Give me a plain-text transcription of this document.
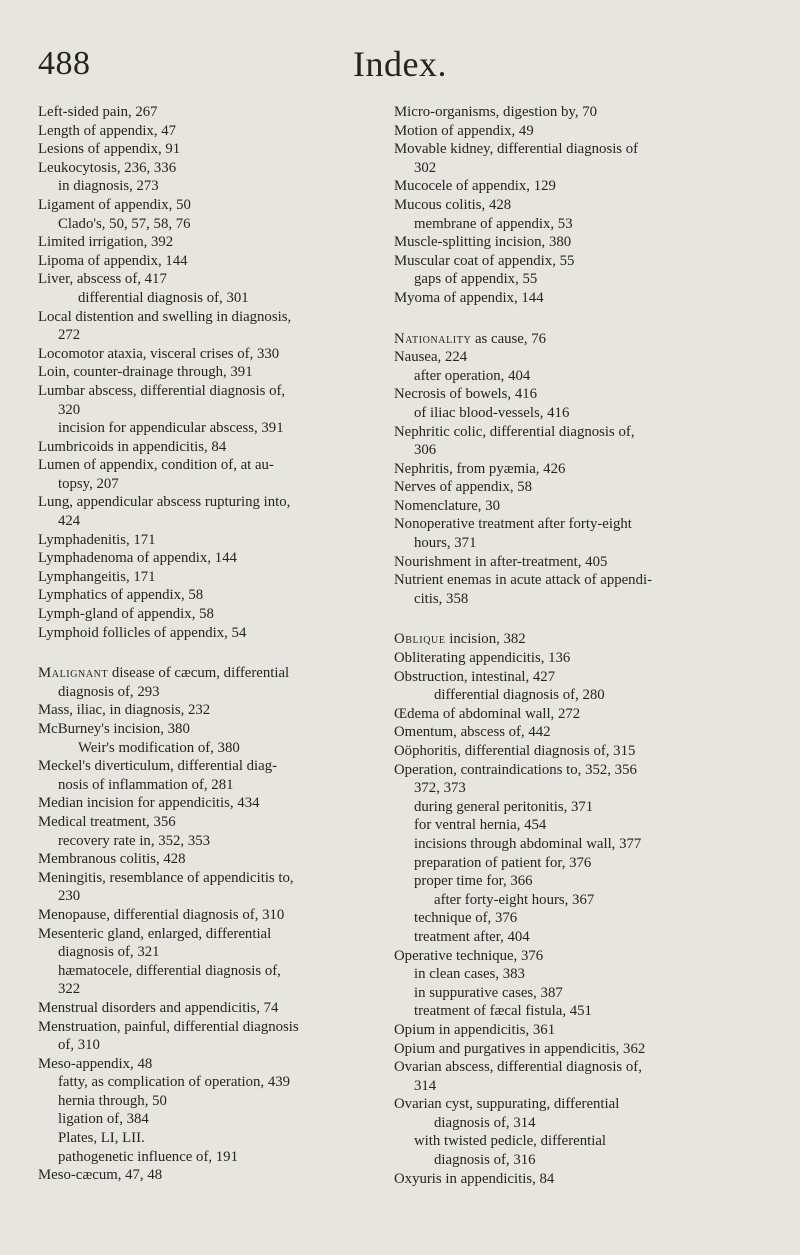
488	Index.
Left-sided pain, 267
Length of appendix, 47
Lesions of appendix, 91
Leukocytosis, 236, 336
in diagnosis, 273
Ligament of appendix, 50
Clado's, 50, 57, 58, 76
Limited irrigation, 392
Lipoma of appendix, 144
Liver, abscess of, 417
differential diagnosis of, 301
Local distention and swelling in diagnosis,
272
Locomotor ataxia, visceral crises of, 330
Loin, counter-drainage through, 391
Lumbar abscess, differential diagnosis of,
320
incision for appendicular abscess, 391
Lumbricoids in appendicitis, 84
Lumen of appendix, condition of, at au-
topsy, 207
Lung, appendicular abscess rupturing into,
424
Lymphadenitis, 171
Lymphadenoma of appendix, 144
Lymphangeitis, 171
Lymphatics of appendix, 58
Lymph-gland of appendix, 58
Lymphoid follicles of appendix, 54
Malignant disease of cæcum, differential
diagnosis of, 293
Mass, iliac, in diagnosis, 232
McBurney's incision, 380
Weir's modification of, 380
Meckel's diverticulum, differential diag-
nosis of inflammation of, 281
Median incision for appendicitis, 434
Medical treatment, 356
recovery rate in, 352, 353
Membranous colitis, 428
Meningitis, resemblance of appendicitis to,
230
Menopause, differential diagnosis of, 310
Mesenteric gland, enlarged, differential
diagnosis of, 321
hæmatocele, differential diagnosis of,
322
Menstrual disorders and appendicitis, 74
Menstruation, painful, differential diagnosis
of, 310
Meso-appendix, 48
fatty, as complication of operation, 439
hernia through, 50
ligation of, 384
Plates, LI, LII.
pathogenetic influence of, 191
Meso-cæcum, 47, 48
Micro-organisms, digestion by, 70
Motion of appendix, 49
Movable kidney, differential diagnosis of
302
Mucocele of appendix, 129
Mucous colitis, 428
membrane of appendix, 53
Muscle-splitting incision, 380
Muscular coat of appendix, 55
gaps of appendix, 55
Myoma of appendix, 144
Nationality as cause, 76
Nausea, 224
after operation, 404
Necrosis of bowels, 416
of iliac blood-vessels, 416
Nephritic colic, differential diagnosis of,
306
Nephritis, from pyæmia, 426
Nerves of appendix, 58
Nomenclature, 30
Nonoperative treatment after forty-eight
hours, 371
Nourishment in after-treatment, 405
Nutrient enemas in acute attack of appendi-
citis, 358
Oblique incision, 382
Obliterating appendicitis, 136
Obstruction, intestinal, 427
differential diagnosis of, 280
Œdema of abdominal wall, 272
Omentum, abscess of, 442
Oöphoritis, differential diagnosis of, 315
Operation, contraindications to, 352, 356
372, 373
during general peritonitis, 371
for ventral hernia, 454
incisions through abdominal wall, 377
preparation of patient for, 376
proper time for, 366
after forty-eight hours, 367
technique of, 376
treatment after, 404
Operative technique, 376
in clean cases, 383
in suppurative cases, 387
treatment of fæcal fistula, 451
Opium in appendicitis, 361
Opium and purgatives in appendicitis, 362
Ovarian abscess, differential diagnosis of,
314
Ovarian cyst, suppurating, differential
diagnosis of, 314
with twisted pedicle, differential
diagnosis of, 316
Oxyuris in appendicitis, 84
